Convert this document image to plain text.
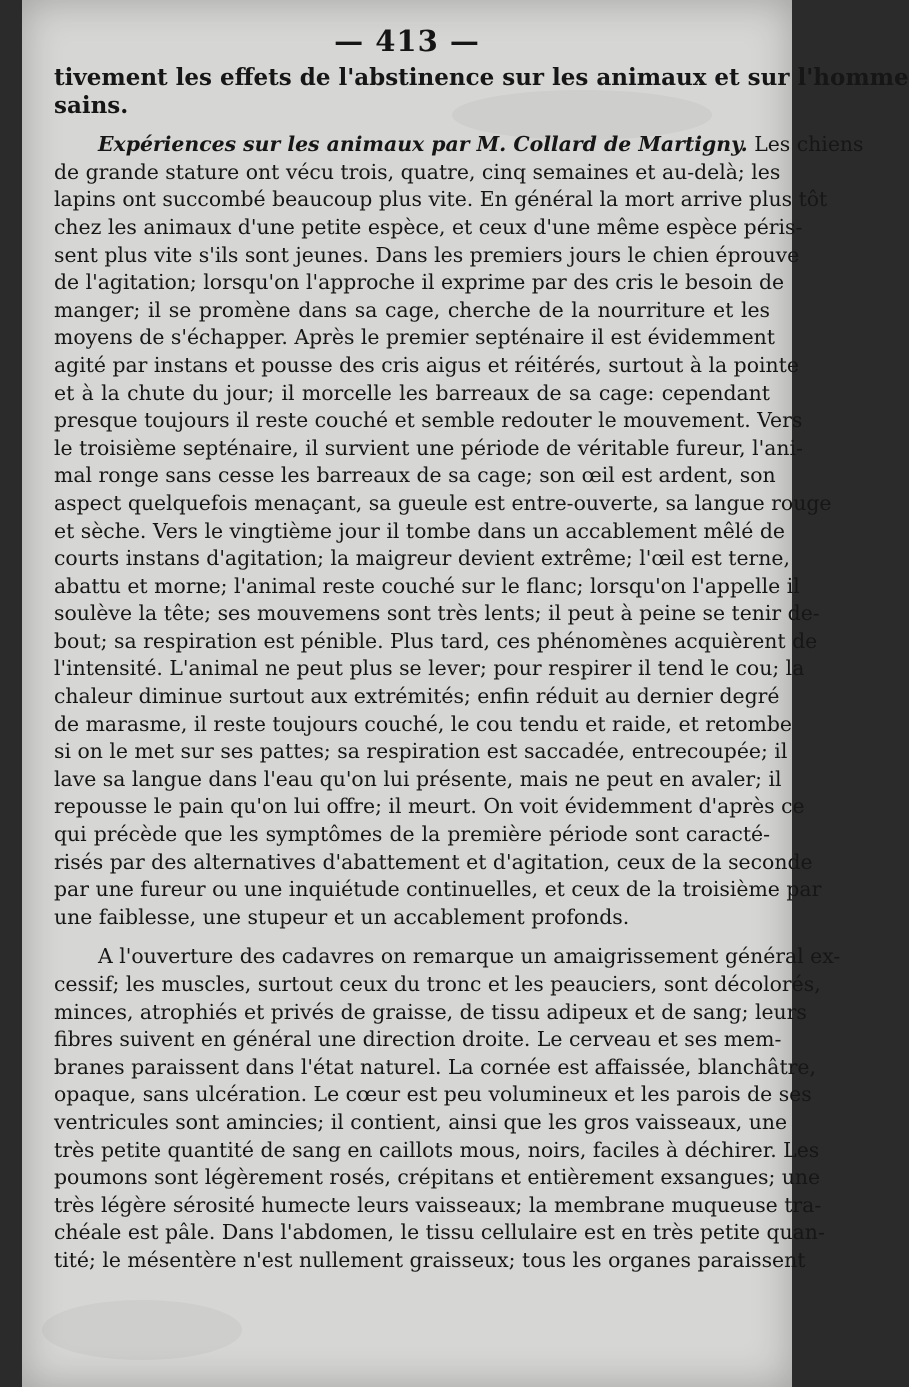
— 413 —
tivement les effets de l'abstinence sur les animaux et sur l'homme
sains.
Expériences sur les animaux par M. Collard de Martigny. Les chiens
de grande stature ont vécu trois, quatre, cinq semaines et au-delà; les
lapins ont succombé beaucoup plus vite. En général la mort arrive plus tôt
chez les animaux d'une petite espèce, et ceux d'une même espèce péris-
sent plus vite s'ils sont jeunes. Dans les premiers jours le chien éprouve
de l'agitation; lorsqu'on l'approche il exprime par des cris le besoin de
manger; il se promène dans sa cage, cherche de la nourriture et les
moyens de s'échapper. Après le premier septénaire il est évidemment
agité par instans et pousse des cris aigus et réitérés, surtout à la pointe
et à la chute du jour; il morcelle les barreaux de sa cage: cependant
presque toujours il reste couché et semble redouter le mouvement. Vers
le troisième septénaire, il survient une période de véritable fureur, l'ani-
mal ronge sans cesse les barreaux de sa cage; son œil est ardent, son
aspect quelquefois menaçant, sa gueule est entre-ouverte, sa langue rouge
et sèche. Vers le vingtième jour il tombe dans un accablement mêlé de
courts instans d'agitation; la maigreur devient extrême; l'œil est terne,
abattu et morne; l'animal reste couché sur le flanc; lorsqu'on l'appelle il
soulève la tête; ses mouvemens sont très lents; il peut à peine se tenir de-
bout; sa respiration est pénible. Plus tard, ces phénomènes acquièrent de
l'intensité. L'animal ne peut plus se lever; pour respirer il tend le cou; la
chaleur diminue surtout aux extrémités; enfin réduit au dernier degré
de marasme, il reste toujours couché, le cou tendu et raide, et retombe
si on le met sur ses pattes; sa respiration est saccadée, entrecoupée; il
lave sa langue dans l'eau qu'on lui présente, mais ne peut en avaler; il
repousse le pain qu'on lui offre; il meurt. On voit évidemment d'après ce
qui précède que les symptômes de la première période sont caracté-
risés par des alternatives d'abattement et d'agitation, ceux de la seconde
par une fureur ou une inquiétude continuelles, et ceux de la troisième par
une faiblesse, une stupeur et un accablement profonds.
A l'ouverture des cadavres on remarque un amaigrissement général ex-
cessif; les muscles, surtout ceux du tronc et les peauciers, sont décolorés,
minces, atrophiés et privés de graisse, de tissu adipeux et de sang; leurs
fibres suivent en général une direction droite. Le cerveau et ses mem-
branes paraissent dans l'état naturel. La cornée est affaissée, blanchâtre,
opaque, sans ulcération. Le cœur est peu volumineux et les parois de ses
ventricules sont amincies; il contient, ainsi que les gros vaisseaux, une
très petite quantité de sang en caillots mous, noirs, faciles à déchirer. Les
poumons sont légèrement rosés, crépitans et entièrement exsangues; une
très légère sérosité humecte leurs vaisseaux; la membrane muqueuse tra-
chéale est pâle. Dans l'abdomen, le tissu cellulaire est en très petite quan-
tité; le mésentère n'est nullement graisseux; tous les organes paraissent
